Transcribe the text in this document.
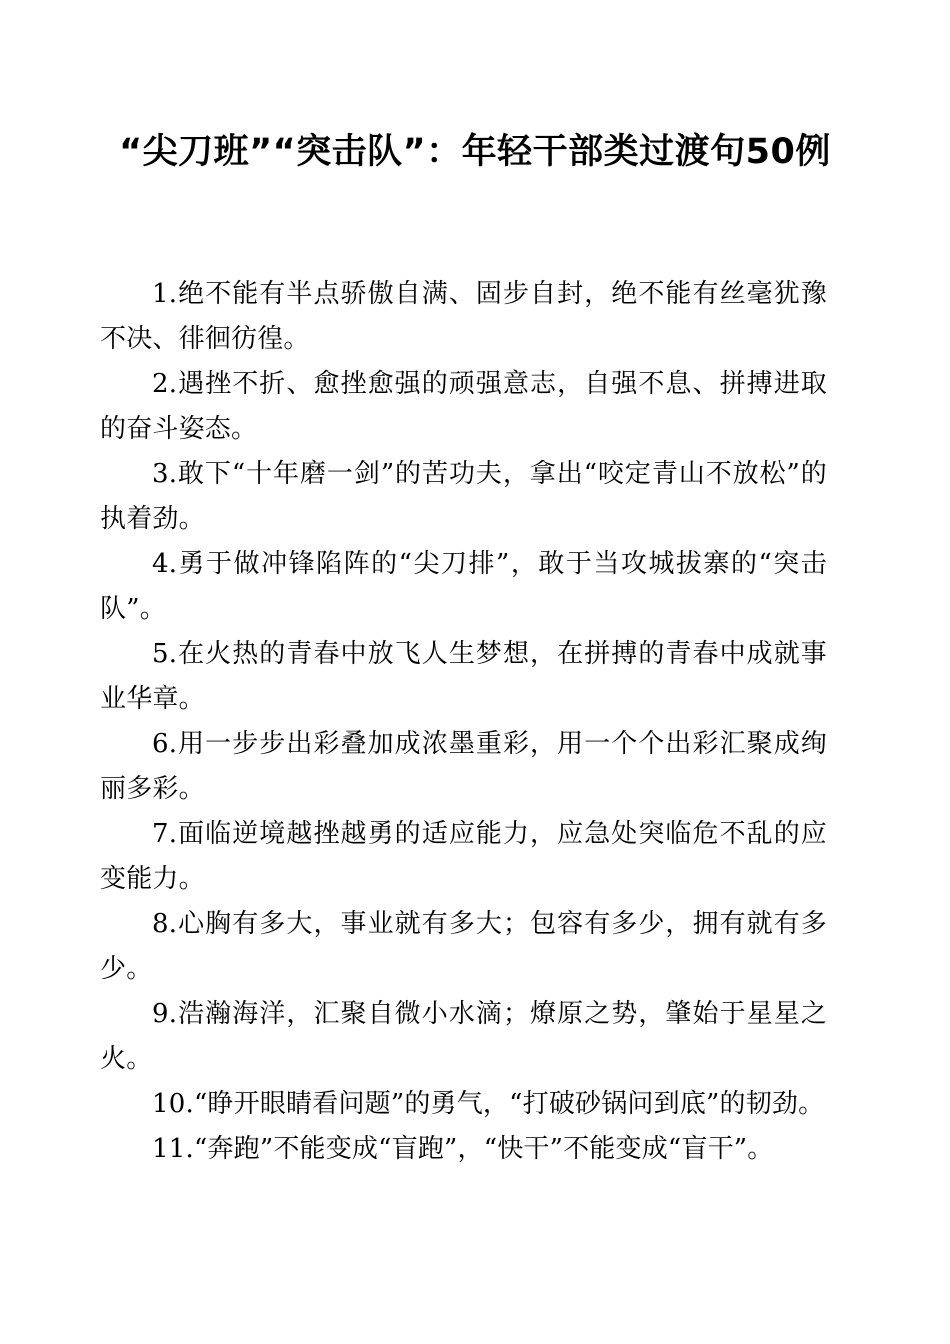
“尖刀班”“突击队”：年轻干部类过渡句50例

1.绝不能有半点骄傲自满、固步自封，绝不能有丝毫犹豫不决、徘徊彷徨。

2.遇挫不折、愈挫愈强的顽强意志，自强不息、拼搏进取的奋斗姿态。

3.敢下“十年磨一剑”的苦功夫，拿出“咬定青山不放松”的执着劲。

4.勇于做冲锋陷阵的“尖刀排”，敢于当攻城拔寨的“突击队”。

5.在火热的青春中放飞人生梦想，在拼搏的青春中成就事业华章。

6.用一步步出彩叠加成浓墨重彩，用一个个出彩汇聚成绚丽多彩。

7.面临逆境越挫越勇的适应能力，应急处突临危不乱的应变能力。

8.心胸有多大，事业就有多大；包容有多少，拥有就有多少。

9.浩瀚海洋，汇聚自微小水滴；燎原之势，肇始于星星之火。

10.“睁开眼睛看问题”的勇气，“打破砂锅问到底”的韧劲。

11.“奔跑”不能变成“盲跑”，“快干”不能变成“盲干”。
